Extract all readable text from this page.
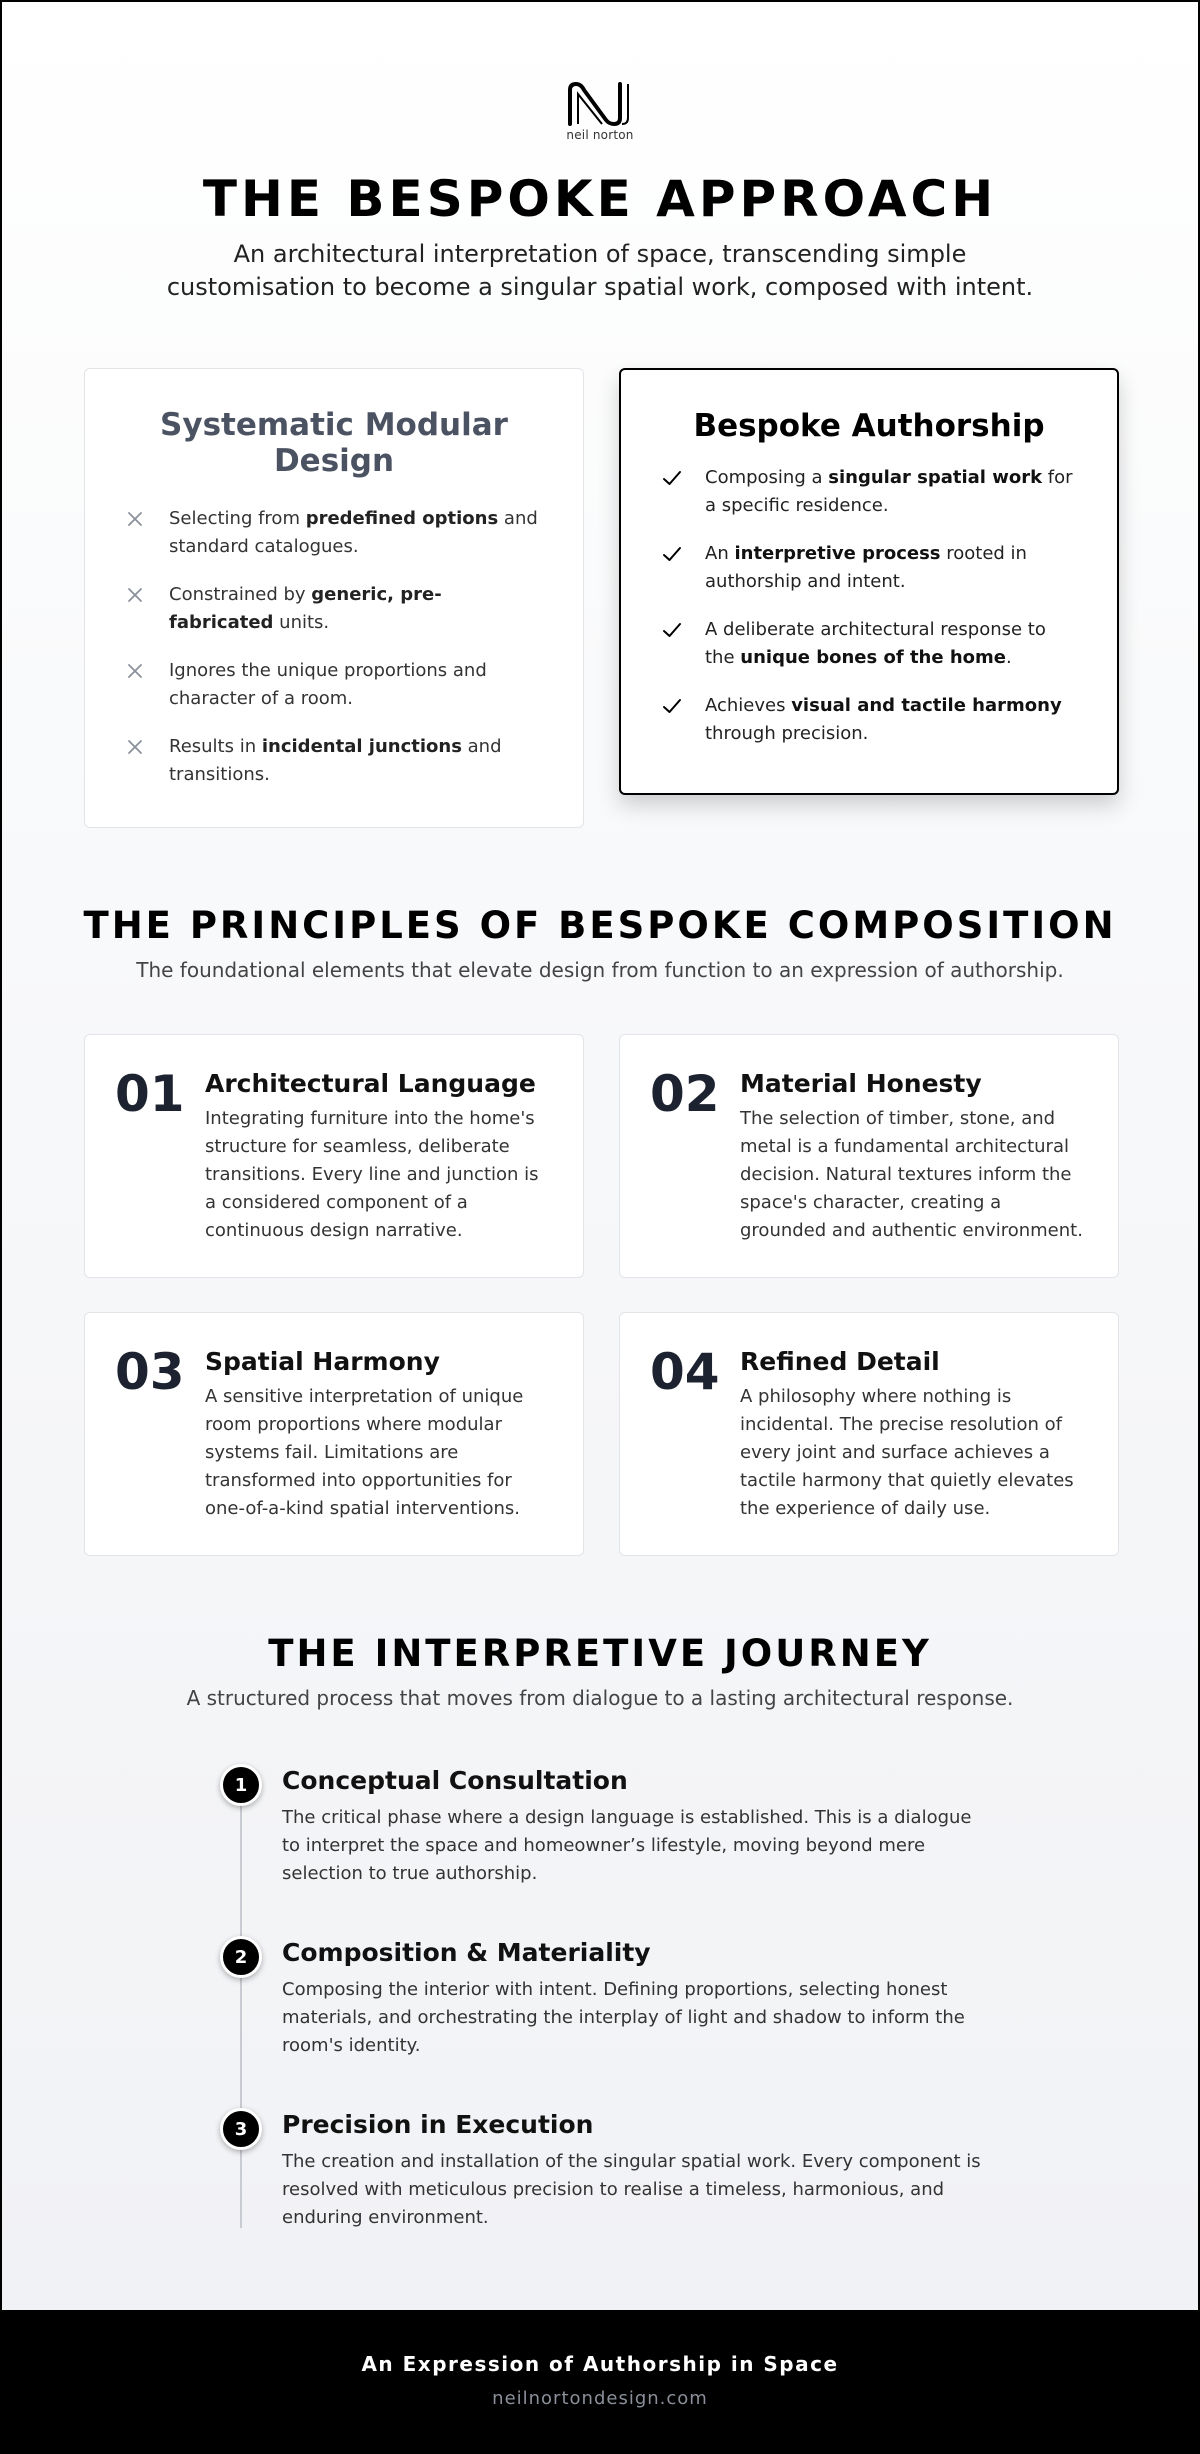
neil norton
THE BESPOKE APPROACH

An architectural interpretation of space, transcending simple customisation to become a singular spatial work, composed with intent.

Systematic Modular Design
Selecting from predefined options and standard catalogues.
Constrained by generic, pre-fabricated units.
Ignores the unique proportions and character of a room.
Results in incidental junctions and transitions.
Bespoke Authorship
Composing a singular spatial work for a specific residence.
An interpretive process rooted in authorship and intent.
A deliberate architectural response to the unique bones of the home.
Achieves visual and tactile harmony through precision.
THE PRINCIPLES OF BESPOKE COMPOSITION

The foundational elements that elevate design from function to an expression of authorship.

01 Architectural Language

Integrating furniture into the home's structure for seamless, deliberate transitions. Every line and junction is a considered component of a continuous design narrative.

02 Material Honesty

The selection of timber, stone, and metal is a fundamental architectural decision. Natural textures inform the space's character, creating a grounded and authentic environment.

03 Spatial Harmony

A sensitive interpretation of unique room proportions where modular systems fail. Limitations are transformed into opportunities for one-of-a-kind spatial interventions.

04 Refined Detail

A philosophy where nothing is incidental. The precise resolution of every joint and surface achieves a tactile harmony that quietly elevates the experience of daily use.

THE INTERPRETIVE JOURNEY

A structured process that moves from dialogue to a lasting architectural response.

1	Conceptual Consultation

The critical phase where a design language is established. This is a dialogue to interpret the space and homeowner’s lifestyle, moving beyond mere selection to true authorship.

2	Composition & Materiality

Composing the interior with intent. Defining proportions, selecting honest materials, and orchestrating the interplay of light and shadow to inform the room's identity.

3	Precision in Execution

The creation and installation of the singular spatial work. Every component is resolved with meticulous precision to realise a timeless, harmonious, and enduring environment.

An Expression of Authorship in Space
neilnortondesign.com
